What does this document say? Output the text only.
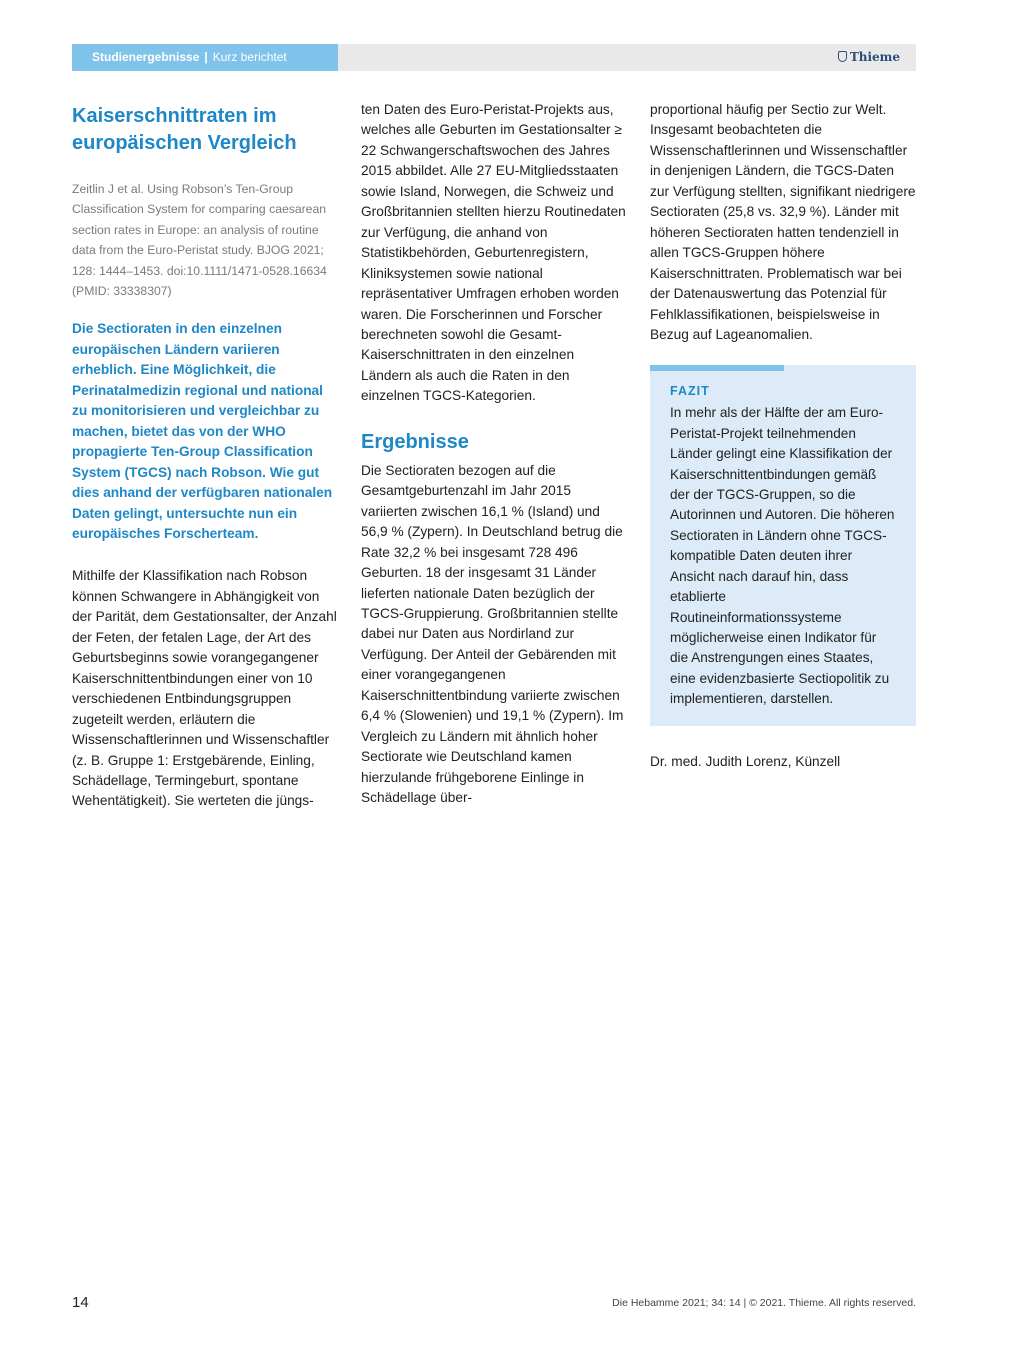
Studienergebnisse | Kurz berichtet	Thieme
Kaiserschnittraten im europäischen Vergleich

Zeitlin J et al. Using Robson’s Ten-Group Classification System for comparing caesarean section rates in Europe: an analysis of routine data from the Euro-Peristat study. BJOG 2021; 128: 1444–1453. doi:10.1111/1471-0528.16634 (PMID: 33338307)

Die Sectioraten in den einzelnen europäischen Ländern variieren erheblich. Eine Möglichkeit, die Perinatalmedizin regional und national zu monitorisieren und vergleichbar zu machen, bietet das von der WHO propagierte Ten-Group Classification System (TGCS) nach Robson. Wie gut dies anhand der verfügbaren nationalen Daten gelingt, untersuchte nun ein europäisches Forscherteam.

Mithilfe der Klassifikation nach Robson können Schwangere in Abhängigkeit von der Parität, dem Gestationsalter, der Anzahl der Feten, der fetalen Lage, der Art des Geburtsbeginns sowie vorangegangener Kaiserschnittentbindungen einer von 10 verschiedenen Entbindungsgruppen zugeteilt werden, erläutern die Wissenschaftlerinnen und Wissenschaftler (z. B. Gruppe 1: Erstgebärende, Einling, Schädellage, Termingeburt, spontane Wehentätigkeit). Sie werteten die jüngs-

ten Daten des Euro-Peristat-Projekts aus, welches alle Geburten im Gestationsalter ≥ 22 Schwangerschaftswochen des Jahres 2015 abbildet. Alle 27 EU-Mitgliedsstaaten sowie Island, Norwegen, die Schweiz und Großbritannien stellten hierzu Routinedaten zur Verfügung, die anhand von Statistikbehörden, Geburtenregistern, Kliniksystemen sowie national repräsentativer Umfragen erhoben worden waren. Die Forscherinnen und Forscher berechneten sowohl die Gesamt-Kaiserschnittraten in den einzelnen Ländern als auch die Raten in den einzelnen TGCS-Kategorien.

Ergebnisse

Die Sectioraten bezogen auf die Gesamtgeburtenzahl im Jahr 2015 variierten zwischen 16,1 % (Island) und 56,9 % (Zypern). In Deutschland betrug die Rate 32,2 % bei insgesamt 728 496 Geburten. 18 der insgesamt 31 Länder lieferten nationale Daten bezüglich der TGCS-Gruppierung. Großbritannien stellte dabei nur Daten aus Nordirland zur Verfügung. Der Anteil der Gebärenden mit einer vorangegangenen Kaiserschnittentbindung variierte zwischen 6,4 % (Slowenien) und 19,1 % (Zypern). Im Vergleich zu Ländern mit ähnlich hoher Sectiorate wie Deutschland kamen hierzulande frühgeborene Einlinge in Schädellage über-

proportional häufig per Sectio zur Welt. Insgesamt beobachteten die Wissenschaftlerinnen und Wissenschaftler in denjenigen Ländern, die TGCS-Daten zur Verfügung stellten, signifikant niedrigere Sectioraten (25,8 vs. 32,9 %). Länder mit höheren Sectioraten hatten tendenziell in allen TGCS-Gruppen höhere Kaiserschnittraten. Problematisch war bei der Datenauswertung das Potenzial für Fehlklassifikationen, beispielsweise in Bezug auf Lageanomalien.

FAZIT

In mehr als der Hälfte der am Euro-Peristat-Projekt teilnehmenden Länder gelingt eine Klassifikation der Kaiserschnittentbindungen gemäß der der TGCS-Gruppen, so die Autorinnen und Autoren. Die höheren Sectioraten in Ländern ohne TGCS-kompatible Daten deuten ihrer Ansicht nach darauf hin, dass etablierte Routineinformationssysteme möglicherweise einen Indikator für die Anstrengungen eines Staates, eine evidenzbasierte Sectiopolitik zu implementieren, darstellen.

Dr. med. Judith Lorenz, Künzell

14	Die Hebamme 2021; 34: 14 | © 2021. Thieme. All rights reserved.
